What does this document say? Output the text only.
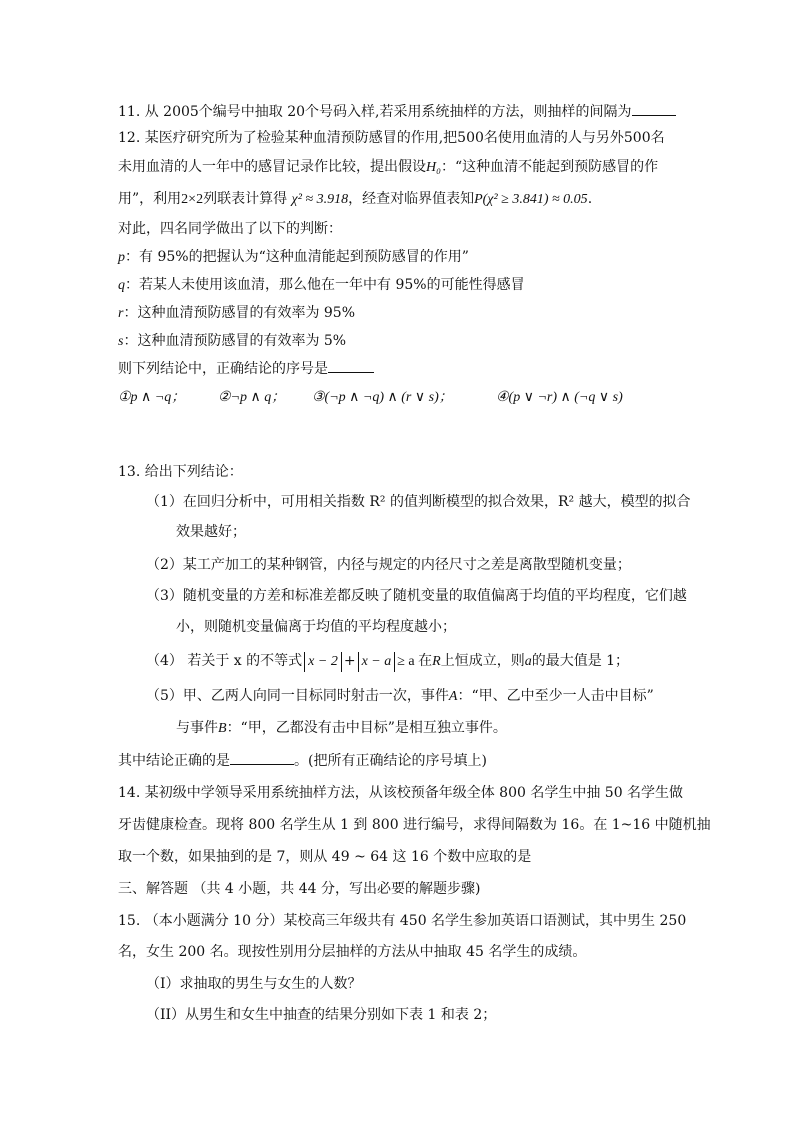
11. 从 2005个编号中抽取 20个号码入样,若采用系统抽样的方法，则抽样的间隔为
12. 某医疗研究所为了检验某种血清预防感冒的作用,把500名使用血清的人与另外500名
未用血清的人一年中的感冒记录作比较，提出假设H₀：“这种血清不能起到预防感冒的作
用”，利用2×2列联表计算得 χ² ≈ 3.918，经查对临界值表知P(χ² ≥ 3.841) ≈ 0.05.
对此，四名同学做出了以下的判断：
p：有 95%的把握认为“这种血清能起到预防感冒的作用”
q：若某人未使用该血清，那么他在一年中有 95%的可能性得感冒
r：这种血清预防感冒的有效率为 95%
s：这种血清预防感冒的有效率为 5%
则下列结论中，正确结论的序号是
①p ∧ ¬q； ②¬p ∧ q； ③(¬p ∧ ¬q) ∧ (r ∨ s)；	④(p ∨ ¬r) ∧ (¬q ∨ s)
13. 给出下列结论：
（1）在回归分析中，可用相关指数 R² 的值判断模型的拟合效果，R² 越大，模型的拟合
效果越好；
（2）某工产加工的某种钢管，内径与规定的内径尺寸之差是离散型随机变量；
（3）随机变量的方差和标准差都反映了随机变量的取值偏离于均值的平均程度，它们越
小，则随机变量偏离于均值的平均程度越小；
（4） 若关于 x 的不等式 x − 2 + x − a ≥ a 在R上恒成立，则a的最大值是 1；
（5）甲、乙两人向同一目标同时射击一次，事件A：“甲、乙中至少一人击中目标”
与事件B：“甲，乙都没有击中目标”是相互独立事件。
其中结论正确的是	。(把所有正确结论的序号填上)
14. 某初级中学领导采用系统抽样方法，从该校预备年级全体 800 名学生中抽 50 名学生做
牙齿健康检查。现将 800 名学生从 1 到 800 进行编号，求得间隔数为 16。在 1~16 中随机抽
取一个数，如果抽到的是 7，则从 49 ~ 64 这 16 个数中应取的是
三、解答题 （共 4 小题，共 44 分，写出必要的解题步骤)
15. （本小题满分 10 分）某校高三年级共有 450 名学生参加英语口语测试，其中男生 250
名，女生 200 名。现按性别用分层抽样的方法从中抽取 45 名学生的成绩。
（I）求抽取的男生与女生的人数？
（II）从男生和女生中抽查的结果分别如下表 1 和表 2；
